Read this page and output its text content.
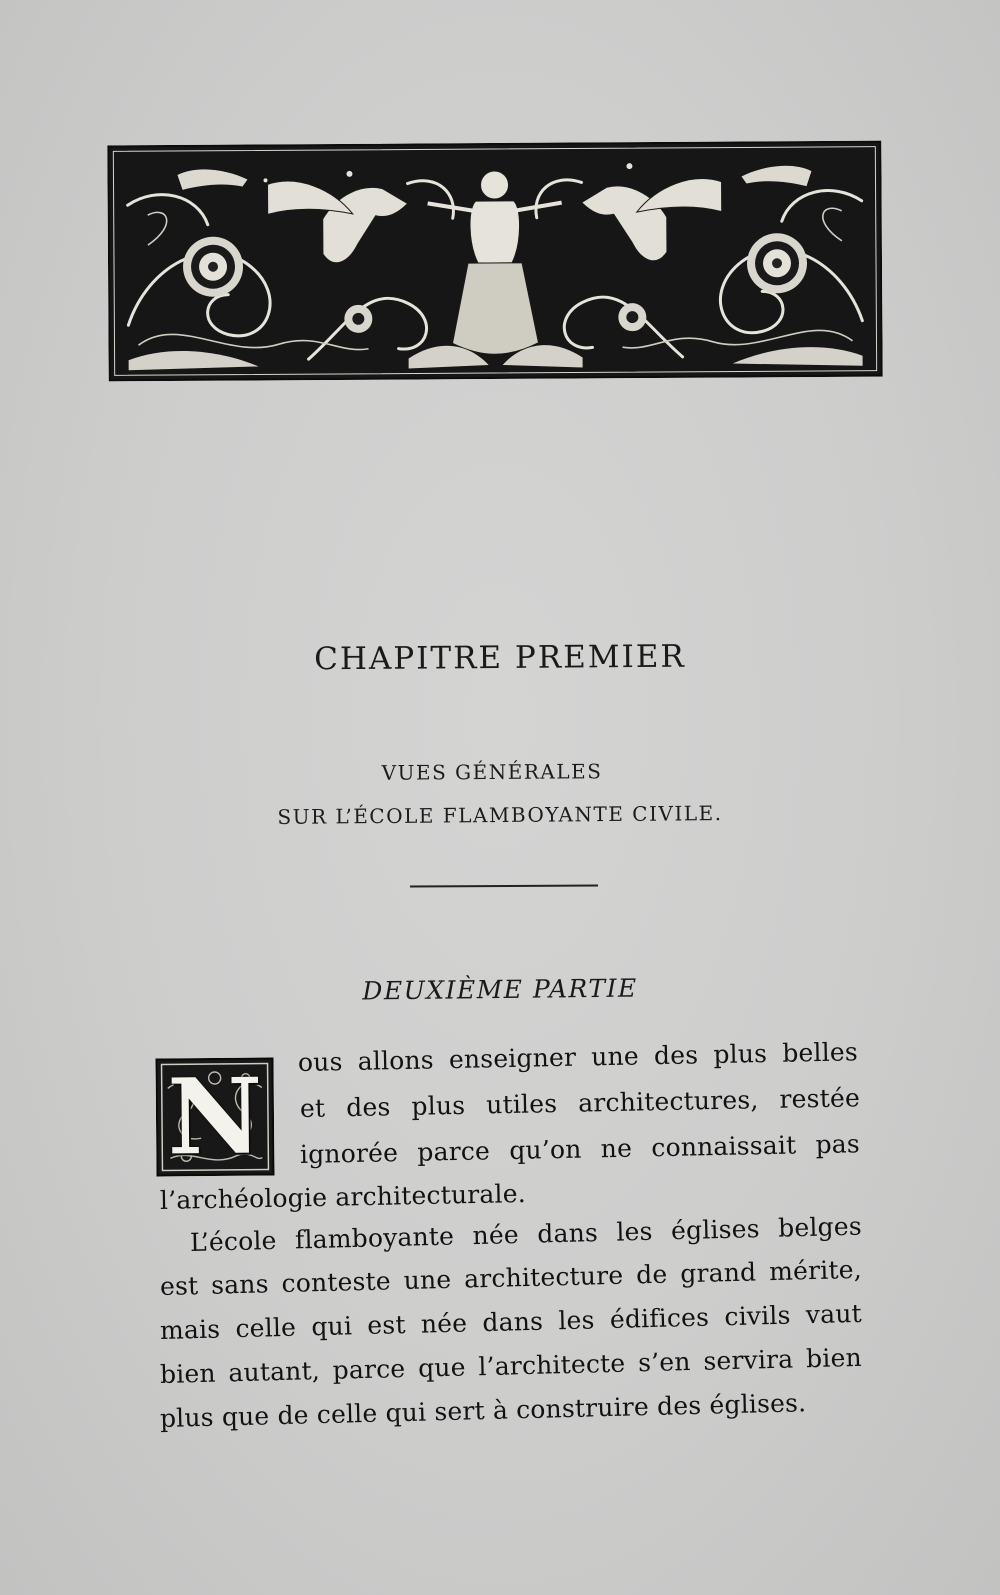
CHAPITRE PREMIER
VUES GÉNÉRALES
SUR L’ÉCOLE FLAMBOYANTE CIVILE.
DEUXIÈME PARTIE
N	ous allons enseigner une des plus belles
et des plus utiles architectures, restée
ignorée parce qu’on ne connaissait pas
l’archéologie architecturale.
L’école flamboyante née dans les églises belges
est sans conteste une architecture de grand mérite,
mais celle qui est née dans les édifices civils vaut
bien autant, parce que l’architecte s’en servira bien
plus que de celle qui sert à construire des églises.
